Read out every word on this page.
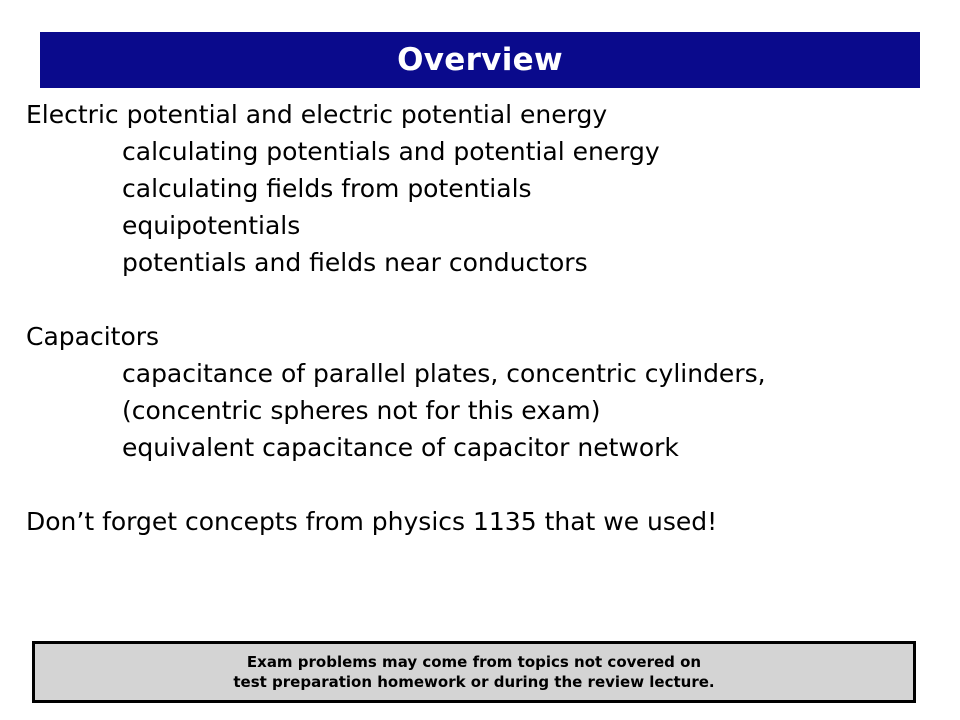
Overview
Electric potential and electric potential energy
calculating potentials and potential energy
calculating fields from potentials
equipotentials
potentials and fields near conductors
Capacitors
capacitance of parallel plates, concentric cylinders,
(concentric spheres not for this exam)
equivalent capacitance of capacitor network
Don’t forget concepts from physics 1135 that we used!
Exam problems may come from topics not covered on
test preparation homework or during the review lecture.
